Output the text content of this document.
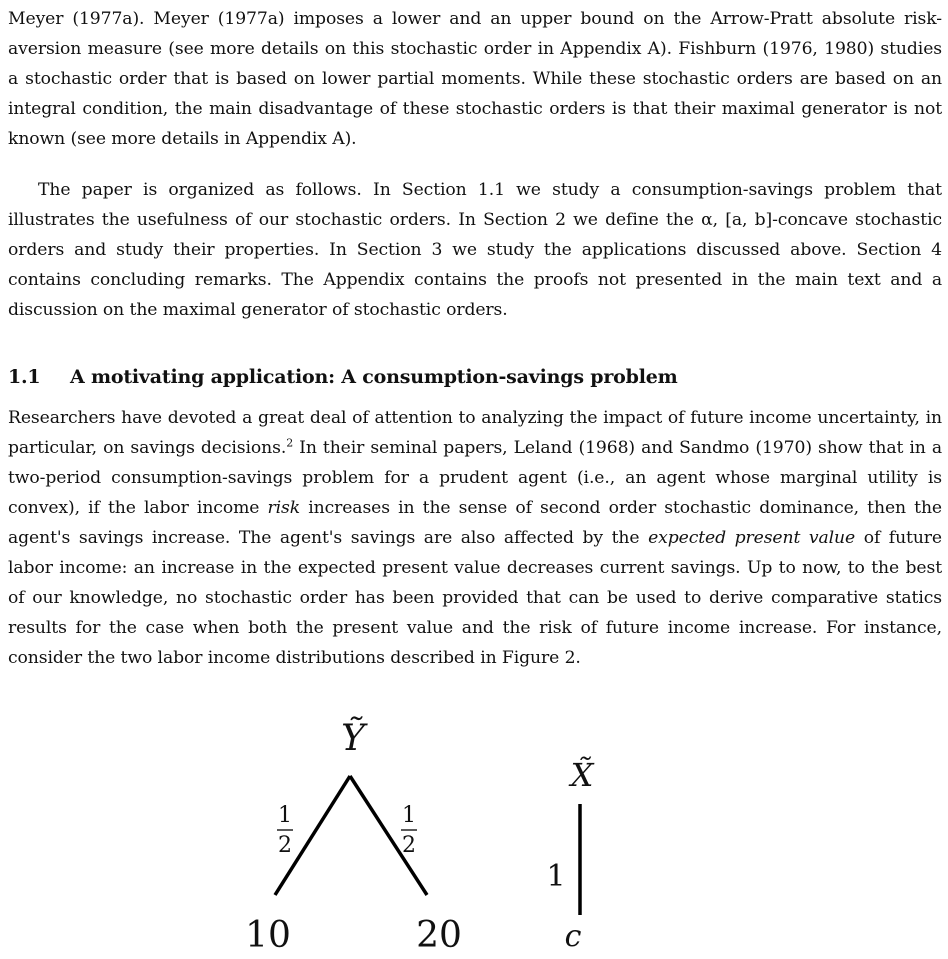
Meyer (1977a). Meyer (1977a) imposes a lower and an upper bound on the Arrow-Pratt absolute risk-aversion measure (see more details on this stochastic order in Appendix A). Fishburn (1976, 1980) studies a stochastic order that is based on lower partial moments. While these stochastic orders are based on an integral condition, the main disadvantage of these stochastic orders is that their maximal generator is not known (see more details in Appendix A).

The paper is organized as follows. In Section 1.1 we study a consumption-savings problem that illustrates the usefulness of our stochastic orders. In Section 2 we define the α, [a, b]-concave stochastic orders and study their properties. In Section 3 we study the applications discussed above. Section 4 contains concluding remarks. The Appendix contains the proofs not presented in the main text and a discussion on the maximal generator of stochastic orders.

1.1 A motivating application: A consumption-savings problem

Researchers have devoted a great deal of attention to analyzing the impact of future income uncertainty, in particular, on savings decisions.$^2$ In their seminal papers, Leland (1968) and Sandmo (1970) show that in a two-period consumption-savings problem for a prudent agent (i.e., an agent whose marginal utility is convex), if the labor income risk increases in the sense of second order stochastic dominance, then the agent's savings increase. The agent's savings are also affected by the expected present value of future labor income: an increase in the expected present value decreases current savings. Up to now, to the best of our knowledge, no stochastic order has been provided that can be used to derive comparative statics results for the case when both the present value and the risk of future income increase. For instance, consider the two labor income distributions described in Figure 2.

Ỹ
1
2
1
2
10	20
X̃
1
c
